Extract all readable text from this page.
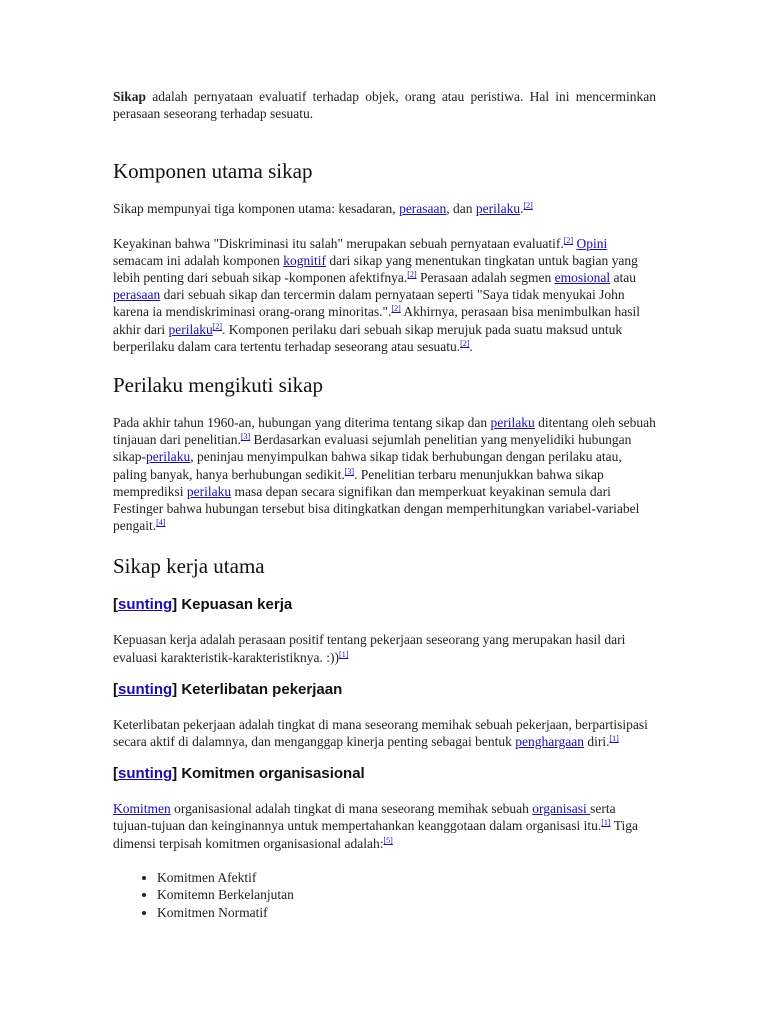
Sikap adalah pernyataan evaluatif terhadap objek, orang atau peristiwa. Hal ini mencerminkan perasaan seseorang terhadap sesuatu.

Komponen utama sikap

Sikap mempunyai tiga komponen utama: kesadaran, perasaan, dan perilaku.[2]

Keyakinan bahwa "Diskriminasi itu salah" merupakan sebuah pernyataan evaluatif.[2] Opini semacam ini adalah komponen kognitif dari sikap yang menentukan tingkatan untuk bagian yang lebih penting dari sebuah sikap -komponen afektifnya.[2] Perasaan adalah segmen emosional atau perasaan dari sebuah sikap dan tercermin dalam pernyataan seperti "Saya tidak menyukai John karena ia mendiskriminasi orang-orang minoritas.".[2] Akhirnya, perasaan bisa menimbulkan hasil akhir dari perilaku[2]. Komponen perilaku dari sebuah sikap merujuk pada suatu maksud untuk berperilaku dalam cara tertentu terhadap seseorang atau sesuatu.[2].

Perilaku mengikuti sikap

Pada akhir tahun 1960-an, hubungan yang diterima tentang sikap dan perilaku ditentang oleh sebuah tinjauan dari penelitian.[3] Berdasarkan evaluasi sejumlah penelitian yang menyelidiki hubungan sikap-perilaku, peninjau menyimpulkan bahwa sikap tidak berhubungan dengan perilaku atau, paling banyak, hanya berhubungan sedikit.[3]. Penelitian terbaru menunjukkan bahwa sikap memprediksi perilaku masa depan secara signifikan dan memperkuat keyakinan semula dari Festinger bahwa hubungan tersebut bisa ditingkatkan dengan memperhitungkan variabel-variabel pengait.[4]

Sikap kerja utama
[sunting] Kepuasan kerja

Kepuasan kerja adalah perasaan positif tentang pekerjaan seseorang yang merupakan hasil dari evaluasi karakteristik-karakteristiknya. :))[1]

[sunting] Keterlibatan pekerjaan

Keterlibatan pekerjaan adalah tingkat di mana seseorang memihak sebuah pekerjaan, berpartisipasi secara aktif di dalamnya, dan menganggap kinerja penting sebagai bentuk penghargaan diri.[1]

[sunting] Komitmen organisasional

Komitmen organisasional adalah tingkat di mana seseorang memihak sebuah organisasi serta tujuan-tujuan dan keinginannya untuk mempertahankan keanggotaan dalam organisasi itu.[1] Tiga dimensi terpisah komitmen organisasional adalah:[5]

• Komitmen Afektif
• Komitemn Berkelanjutan
• Komitmen Normatif
